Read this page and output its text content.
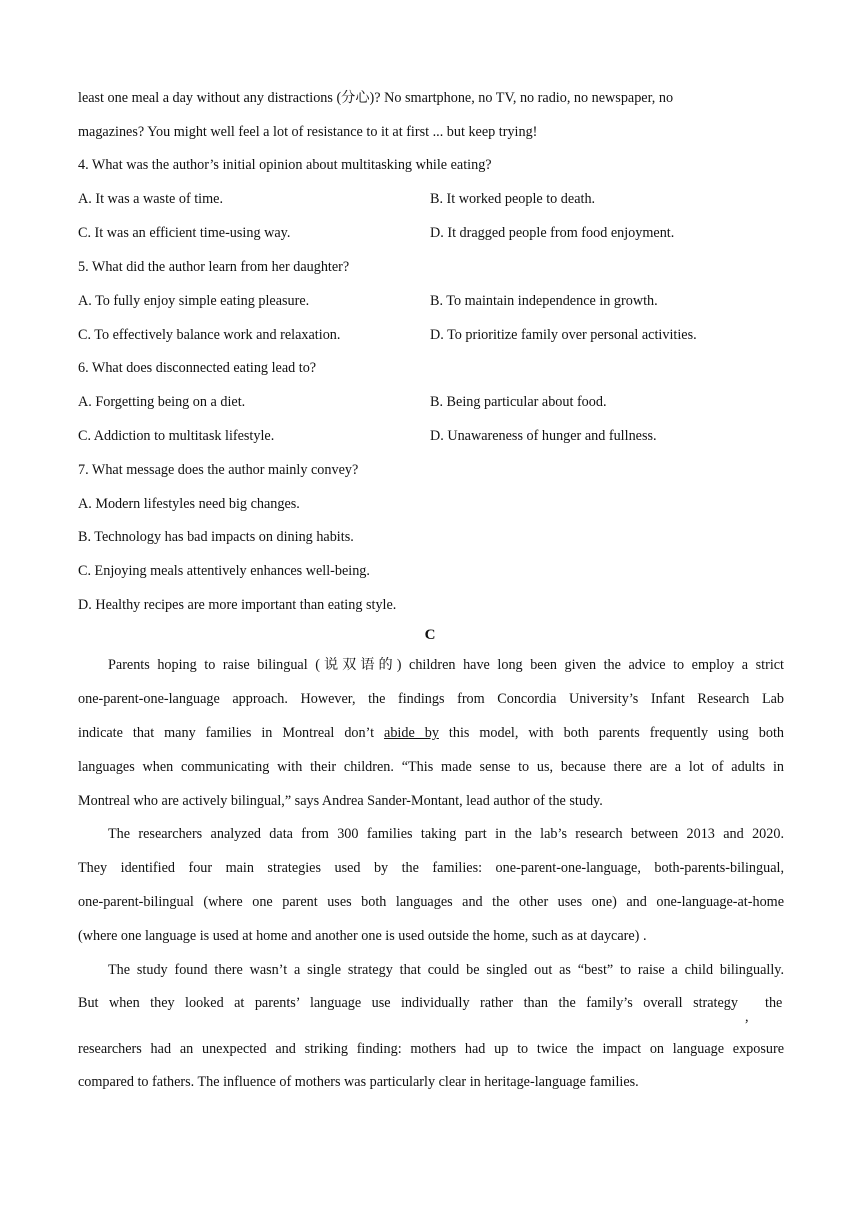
least one meal a day without any distractions (分心)? No smartphone, no TV, no radio, no newspaper, no
magazines? You might well feel a lot of resistance to it at first ... but keep trying!
4. What was the author’s initial opinion about multitasking while eating?
A. It was a waste of time.	B. It worked people to death.
C. It was an efficient time-using way.	D. It dragged people from food enjoyment.
5. What did the author learn from her daughter?
A. To fully enjoy simple eating pleasure.	B. To maintain independence in growth.
C. To effectively balance work and relaxation.	D. To prioritize family over personal activities.
6. What does disconnected eating lead to?
A. Forgetting being on a diet.	B. Being particular about food.
C. Addiction to multitask lifestyle.	D. Unawareness of hunger and fullness.
7. What message does the author mainly convey?
A. Modern lifestyles need big changes.
B. Technology has bad impacts on dining habits.
C. Enjoying meals attentively enhances well-being.
D. Healthy recipes are more important than eating style.
C
Parents hoping to raise bilingual (说双语的) children have long been given the advice to employ a strict
one-parent-one-language approach. However, the findings from Concordia University’s Infant Research Lab
indicate that many families in Montreal don’t abide by this model, with both parents frequently using both
languages when communicating with their children. “This made sense to us, because there are a lot of adults in
Montreal who are actively bilingual,” says Andrea Sander-Montant, lead author of the study.
The researchers analyzed data from 300 families taking part in the lab’s research between 2013 and 2020.
They identified four main strategies used by the families: one-parent-one-language, both-parents-bilingual,
one-parent-bilingual (where one parent uses both languages and the other uses one) and one-language-at-home
(where one language is used at home and another one is used outside the home, such as at daycare) .
The study found there wasn’t a single strategy that could be singled out as “best” to raise a child bilingually.
But when they looked at parents’ language use individually rather than the family’s overall strategy
,
the
researchers had an unexpected and striking finding: mothers had up to twice the impact on language exposure
compared to fathers. The influence of mothers was particularly clear in heritage-language families.
